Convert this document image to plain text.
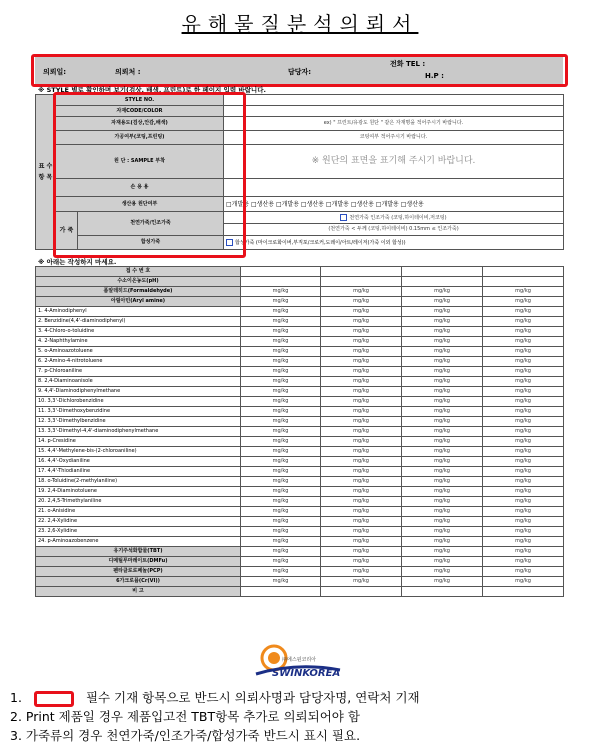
유해물질분석의뢰서
의뢰일:	의뢰처 :	담당자:
전화 TEL :
H.P :
※ STYLE 별로 확인하며 보기(검상, 배색, 프린트)로 한 페이지 입력 바랍니다.
표 수 항 목	STYLE NO.		
	자재CODE/COLOR		
	자재용도(검상,안감,배색)		ex) " 프린트/유광도 원단 " 같은 자재명을 적어주시기 바랍니다.
	가공여부(코팅,프린팅)		코팅여부 적어주시기 바랍니다.
	원 단 : SAMPLE 부착		※ 원단의 표면을 표기해 주시기 바랍니다.
	손 용 용		
	생산용 원단여부		□개발용 □생산용 □개발용 □생산용 □개발용 □생산용 □개발용 □생산용
	가 죽	천연가죽/인조가죽	천연가죽 인조가죽 (코팅,하이테이비,저코팅)
			(천연가죽 < 두께 (코팅,하이테이비) 0.15mm ≤ 인조가죽)
		합성가죽	합성가죽 (마이크로화이버,부직포/크로커,도레이/아트/레이저(가죽 이외 합성))
※ 아래는 작성하지 마세요.
접 수 번 호				
수소이온농도(pH)				
폼알데히드(Formaldehyde)	mg/kg	mg/kg	mg/kg	mg/kg
아릴아민(Aryl amine)	mg/kg	mg/kg	mg/kg	mg/kg
1. 4-Aminodiphenyl	mg/kg	mg/kg	mg/kg	mg/kg
2. Benzidine(4,4'-diaminodiphenyl)	mg/kg	mg/kg	mg/kg	mg/kg
3. 4-Chloro-o-toluidine	mg/kg	mg/kg	mg/kg	mg/kg
4. 2-Naphthylamine	mg/kg	mg/kg	mg/kg	mg/kg
5. o-Aminoazotoluene	mg/kg	mg/kg	mg/kg	mg/kg
6. 2-Amino-4-nitrotoluene	mg/kg	mg/kg	mg/kg	mg/kg
7. p-Chloroaniline	mg/kg	mg/kg	mg/kg	mg/kg
8. 2,4-Diaminoanisole	mg/kg	mg/kg	mg/kg	mg/kg
9. 4,4'-Diaminodiphenylmethane	mg/kg	mg/kg	mg/kg	mg/kg
10. 3,3'-Dichlorobenzidine	mg/kg	mg/kg	mg/kg	mg/kg
11. 3,3'-Dimethoxybenzidine	mg/kg	mg/kg	mg/kg	mg/kg
12. 3,3'-Dimethylbenzidine	mg/kg	mg/kg	mg/kg	mg/kg
13. 3,3'-Dimethyl-4,4'-diaminodiphenylmethane	mg/kg	mg/kg	mg/kg	mg/kg
14. p-Cresidine	mg/kg	mg/kg	mg/kg	mg/kg
15. 4,4'-Methylene-bis-(2-chloroaniline)	mg/kg	mg/kg	mg/kg	mg/kg
16. 4,4'-Oxydianiline	mg/kg	mg/kg	mg/kg	mg/kg
17. 4,4'-Thiodianiline	mg/kg	mg/kg	mg/kg	mg/kg
18. o-Toluidine(2-methylaniline)	mg/kg	mg/kg	mg/kg	mg/kg
19. 2,4-Diaminotoluene	mg/kg	mg/kg	mg/kg	mg/kg
20. 2,4,5-Trimethylaniline	mg/kg	mg/kg	mg/kg	mg/kg
21. o-Anisidine	mg/kg	mg/kg	mg/kg	mg/kg
22. 2,4-Xylidine	mg/kg	mg/kg	mg/kg	mg/kg
23. 2,6-Xylidine	mg/kg	mg/kg	mg/kg	mg/kg
24. p-Aminoazobenzene	mg/kg	mg/kg	mg/kg	mg/kg
유기주석화합물(TBT)	mg/kg	mg/kg	mg/kg	mg/kg
디메틸푸마레이트(DMFu)	mg/kg	mg/kg	mg/kg	mg/kg
펜타클로로페놀(PCP)	mg/kg	mg/kg	mg/kg	mg/kg
6가크로뮴(Cr(VI))	mg/kg	mg/kg	mg/kg	mg/kg
비 고				
㈜에스윈코리아
SWINKOREA
1.	필수 기재 항목으로 반드시 의뢰사명과 담당자명, 연락처 기재
2. Print 제품일 경우 제품입고전 TBT항목 추가로 의뢰되어야 함
3. 가죽류의 경우 천연가죽/인조가죽/합성가죽 반드시 표시 필요.
